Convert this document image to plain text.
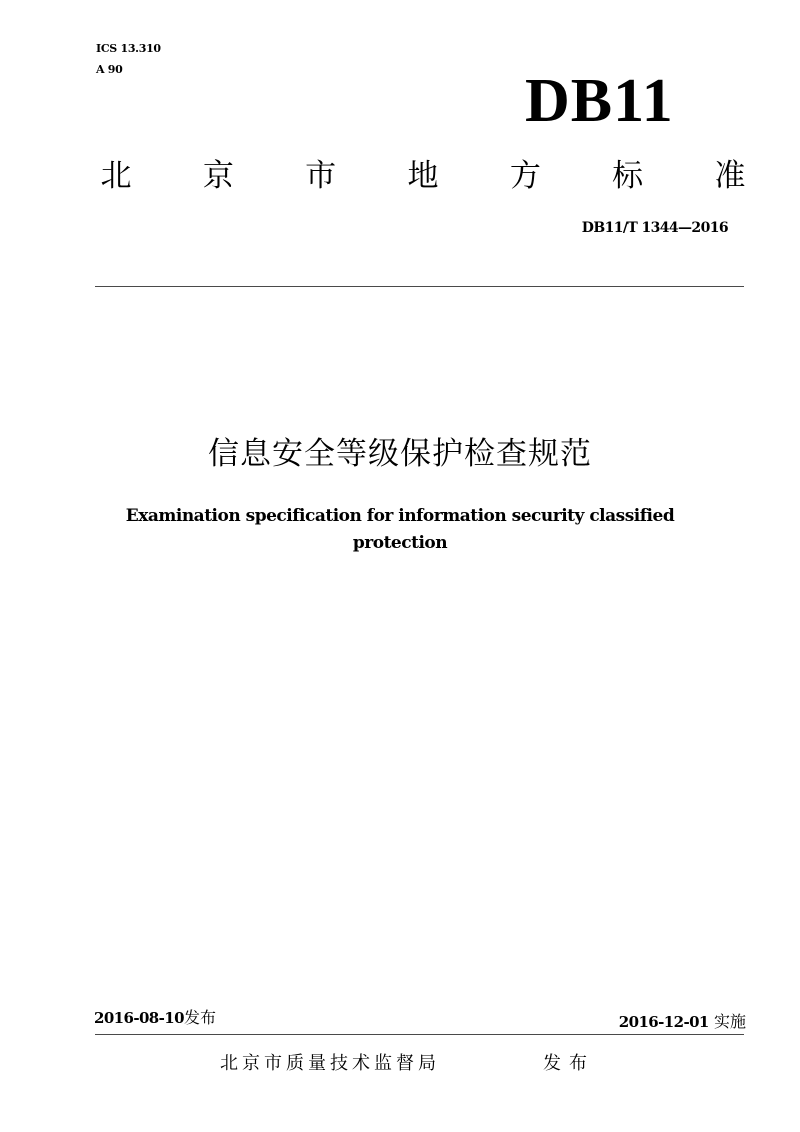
ICS 13.310
A 90	DB11
北 京 市 地 方 标 准
DB11/T 1344—2016
信息安全等级保护检查规范
Examination specification for information security classified protection
2016-08-10发布	2016-12-01 实施
北京市质量技术监督局	发布
